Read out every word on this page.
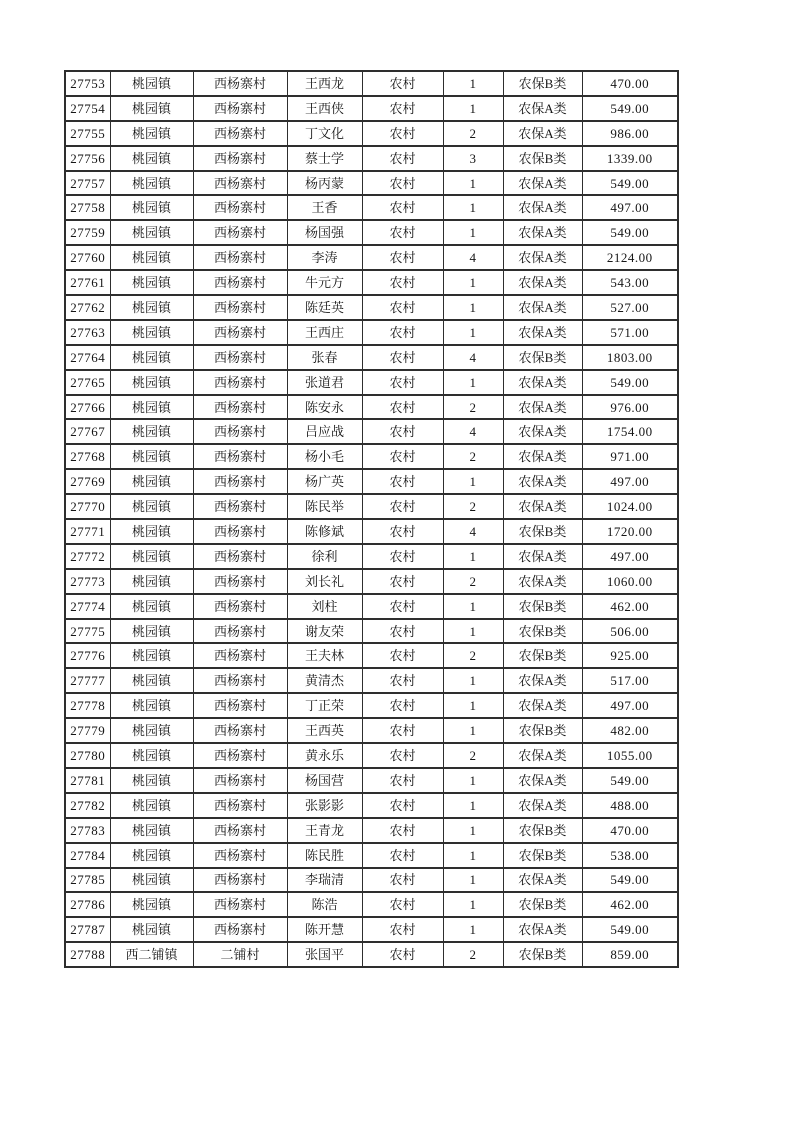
27753	桃园镇	西杨寨村	王西龙	农村	1	农保B类	470.00
27754	桃园镇	西杨寨村	王西侠	农村	1	农保A类	549.00
27755	桃园镇	西杨寨村	丁文化	农村	2	农保A类	986.00
27756	桃园镇	西杨寨村	蔡士学	农村	3	农保B类	1339.00
27757	桃园镇	西杨寨村	杨丙蒙	农村	1	农保A类	549.00
27758	桃园镇	西杨寨村	王香	农村	1	农保A类	497.00
27759	桃园镇	西杨寨村	杨国强	农村	1	农保A类	549.00
27760	桃园镇	西杨寨村	李涛	农村	4	农保A类	2124.00
27761	桃园镇	西杨寨村	牛元方	农村	1	农保A类	543.00
27762	桃园镇	西杨寨村	陈廷英	农村	1	农保A类	527.00
27763	桃园镇	西杨寨村	王西庄	农村	1	农保A类	571.00
27764	桃园镇	西杨寨村	张春	农村	4	农保B类	1803.00
27765	桃园镇	西杨寨村	张道君	农村	1	农保A类	549.00
27766	桃园镇	西杨寨村	陈安永	农村	2	农保A类	976.00
27767	桃园镇	西杨寨村	吕应战	农村	4	农保A类	1754.00
27768	桃园镇	西杨寨村	杨小毛	农村	2	农保A类	971.00
27769	桃园镇	西杨寨村	杨广英	农村	1	农保A类	497.00
27770	桃园镇	西杨寨村	陈民举	农村	2	农保A类	1024.00
27771	桃园镇	西杨寨村	陈修斌	农村	4	农保B类	1720.00
27772	桃园镇	西杨寨村	徐利	农村	1	农保A类	497.00
27773	桃园镇	西杨寨村	刘长礼	农村	2	农保A类	1060.00
27774	桃园镇	西杨寨村	刘柱	农村	1	农保B类	462.00
27775	桃园镇	西杨寨村	谢友荣	农村	1	农保B类	506.00
27776	桃园镇	西杨寨村	王夫林	农村	2	农保B类	925.00
27777	桃园镇	西杨寨村	黄清杰	农村	1	农保A类	517.00
27778	桃园镇	西杨寨村	丁正荣	农村	1	农保A类	497.00
27779	桃园镇	西杨寨村	王西英	农村	1	农保B类	482.00
27780	桃园镇	西杨寨村	黄永乐	农村	2	农保A类	1055.00
27781	桃园镇	西杨寨村	杨国营	农村	1	农保A类	549.00
27782	桃园镇	西杨寨村	张影影	农村	1	农保A类	488.00
27783	桃园镇	西杨寨村	王青龙	农村	1	农保B类	470.00
27784	桃园镇	西杨寨村	陈民胜	农村	1	农保B类	538.00
27785	桃园镇	西杨寨村	李瑞清	农村	1	农保A类	549.00
27786	桃园镇	西杨寨村	陈浩	农村	1	农保B类	462.00
27787	桃园镇	西杨寨村	陈开慧	农村	1	农保A类	549.00
27788	西二铺镇	二铺村	张国平	农村	2	农保B类	859.00
